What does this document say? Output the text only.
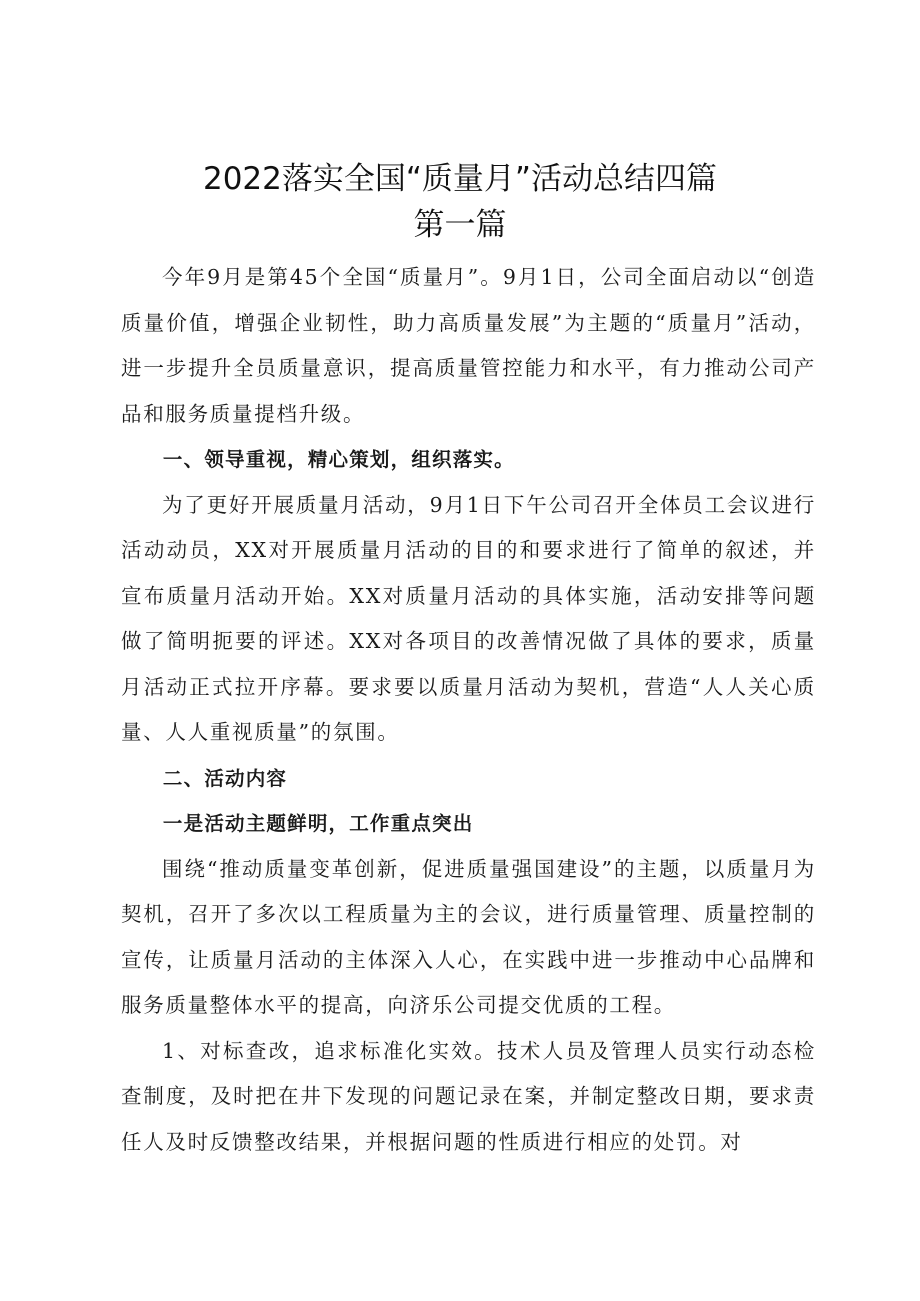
2022落实全国“质量月”活动总结四篇
第一篇

今年9月是第45个全国“质量月”。9月1日，公司全面启动以“创造质量价值，增强企业韧性，助力高质量发展”为主题的“质量月”活动，进一步提升全员质量意识，提高质量管控能力和水平，有力推动公司产品和服务质量提档升级。

一、领导重视，精心策划，组织落实。

为了更好开展质量月活动，9月1日下午公司召开全体员工会议进行活动动员，XX对开展质量月活动的目的和要求进行了简单的叙述，并宣布质量月活动开始。XX对质量月活动的具体实施，活动安排等问题做了简明扼要的评述。XX对各项目的改善情况做了具体的要求，质量月活动正式拉开序幕。要求要以质量月活动为契机，营造“人人关心质量、人人重视质量”的氛围。

二、活动内容

一是活动主题鲜明，工作重点突出

围绕“推动质量变革创新，促进质量强国建设”的主题，以质量月为契机，召开了多次以工程质量为主的会议，进行质量管理、质量控制的宣传，让质量月活动的主体深入人心，在实践中进一步推动中心品牌和服务质量整体水平的提高，向济乐公司提交优质的工程。

1、对标查改，追求标准化实效。技术人员及管理人员实行动态检查制度，及时把在井下发现的问题记录在案，并制定整改日期，要求责任人及时反馈整改结果，并根据问题的性质进行相应的处罚。对
